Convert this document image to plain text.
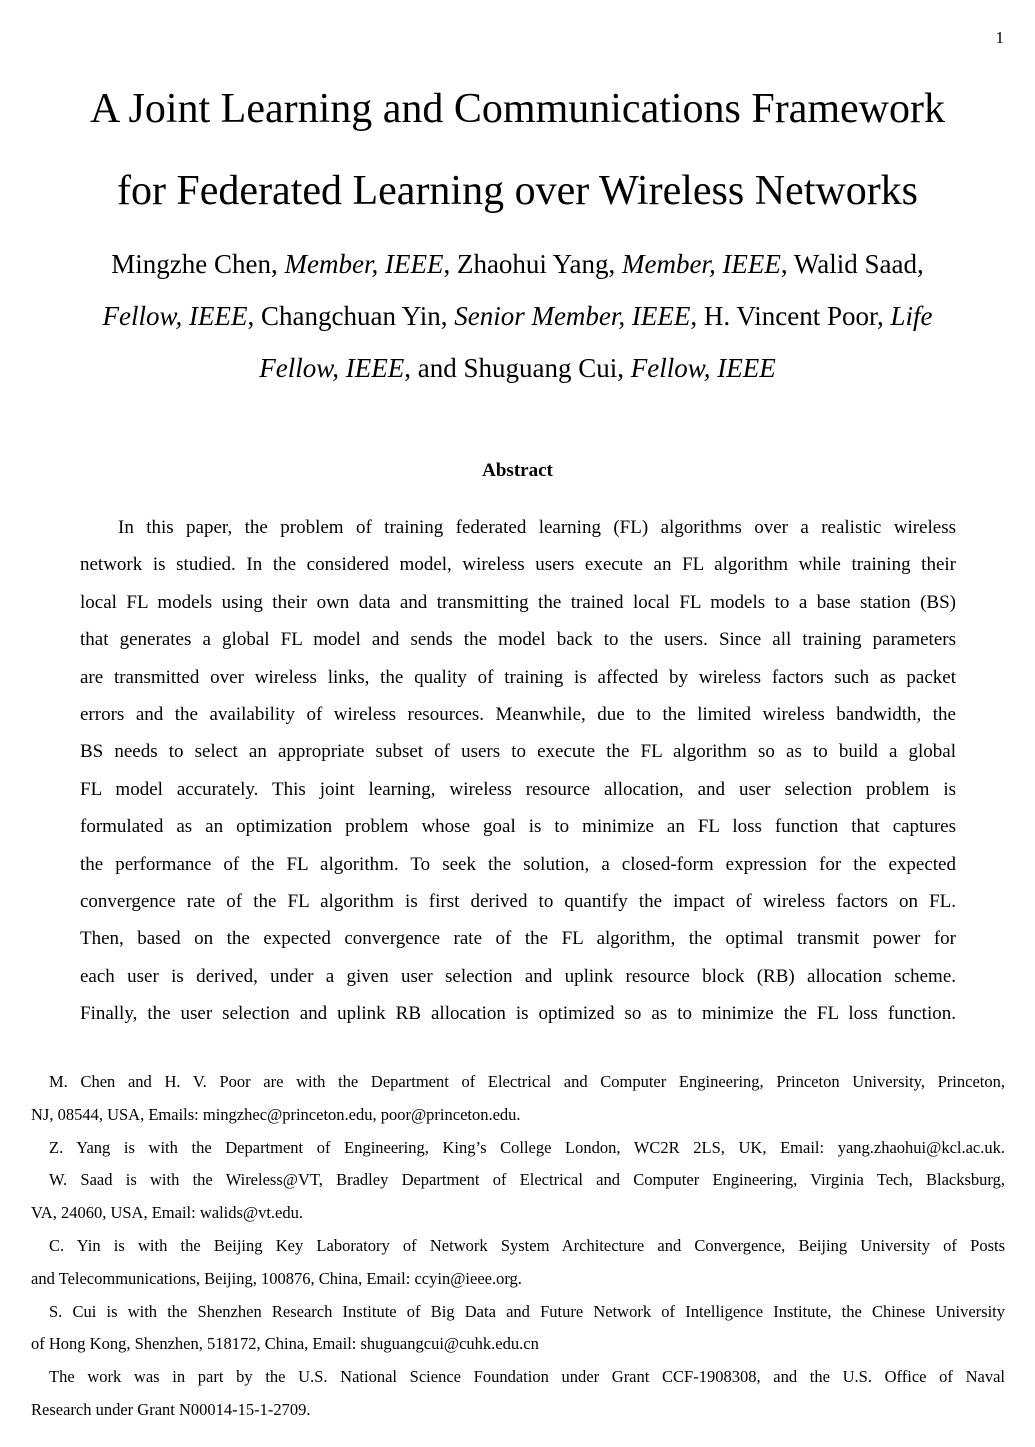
1
A Joint Learning and Communications Framework
for Federated Learning over Wireless Networks
Mingzhe Chen, Member, IEEE, Zhaohui Yang, Member, IEEE, Walid Saad,
Fellow, IEEE, Changchuan Yin, Senior Member, IEEE, H. Vincent Poor, Life
Fellow, IEEE, and Shuguang Cui, Fellow, IEEE
Abstract
In this paper, the problem of training federated learning (FL) algorithms over a realistic wireless
network is studied. In the considered model, wireless users execute an FL algorithm while training their
local FL models using their own data and transmitting the trained local FL models to a base station (BS)
that generates a global FL model and sends the model back to the users. Since all training parameters
are transmitted over wireless links, the quality of training is affected by wireless factors such as packet
errors and the availability of wireless resources. Meanwhile, due to the limited wireless bandwidth, the
BS needs to select an appropriate subset of users to execute the FL algorithm so as to build a global
FL model accurately. This joint learning, wireless resource allocation, and user selection problem is
formulated as an optimization problem whose goal is to minimize an FL loss function that captures
the performance of the FL algorithm. To seek the solution, a closed-form expression for the expected
convergence rate of the FL algorithm is first derived to quantify the impact of wireless factors on FL.
Then, based on the expected convergence rate of the FL algorithm, the optimal transmit power for
each user is derived, under a given user selection and uplink resource block (RB) allocation scheme.
Finally, the user selection and uplink RB allocation is optimized so as to minimize the FL loss function.
M. Chen and H. V. Poor are with the Department of Electrical and Computer Engineering, Princeton University, Princeton,
NJ, 08544, USA, Emails: mingzhec@princeton.edu, poor@princeton.edu.
Z. Yang is with the Department of Engineering, King’s College London, WC2R 2LS, UK, Email: yang.zhaohui@kcl.ac.uk.
W. Saad is with the Wireless@VT, Bradley Department of Electrical and Computer Engineering, Virginia Tech, Blacksburg,
VA, 24060, USA, Email: walids@vt.edu.
C. Yin is with the Beijing Key Laboratory of Network System Architecture and Convergence, Beijing University of Posts
and Telecommunications, Beijing, 100876, China, Email: ccyin@ieee.org.
S. Cui is with the Shenzhen Research Institute of Big Data and Future Network of Intelligence Institute, the Chinese University
of Hong Kong, Shenzhen, 518172, China, Email: shuguangcui@cuhk.edu.cn
The work was in part by the U.S. National Science Foundation under Grant CCF-1908308, and the U.S. Office of Naval
Research under Grant N00014-15-1-2709.
